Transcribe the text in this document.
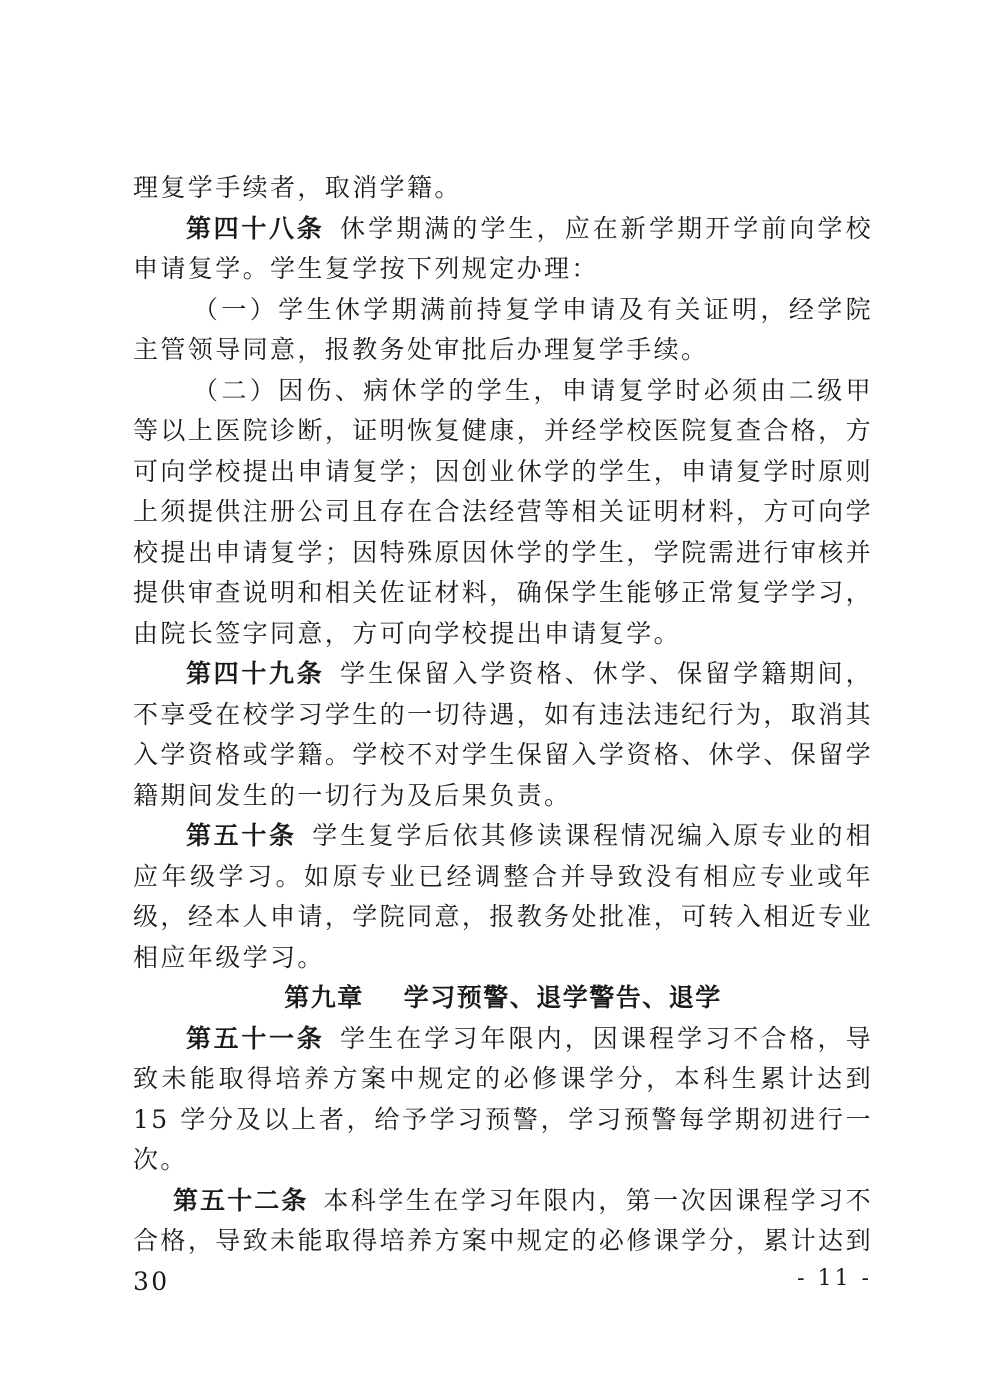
理复学手续者，取消学籍。

第四十八条  休学期满的学生，应在新学期开学前向学校申请复学。学生复学按下列规定办理：

（一）学生休学期满前持复学申请及有关证明，经学院主管领导同意，报教务处审批后办理复学手续。

（二）因伤、病休学的学生，申请复学时必须由二级甲等以上医院诊断，证明恢复健康，并经学校医院复查合格，方可向学校提出申请复学；因创业休学的学生，申请复学时原则上须提供注册公司且存在合法经营等相关证明材料，方可向学校提出申请复学；因特殊原因休学的学生，学院需进行审核并提供审查说明和相关佐证材料，确保学生能够正常复学学习，由院长签字同意，方可向学校提出申请复学。

第四十九条  学生保留入学资格、休学、保留学籍期间，不享受在校学习学生的一切待遇，如有违法违纪行为，取消其入学资格或学籍。学校不对学生保留入学资格、休学、保留学籍期间发生的一切行为及后果负责。

第五十条  学生复学后依其修读课程情况编入原专业的相应年级学习。如原专业已经调整合并导致没有相应专业或年级，经本人申请，学院同意，报教务处批准，可转入相近专业相应年级学习。

第九章 学习预警、退学警告、退学

第五十一条  学生在学习年限内，因课程学习不合格，导致未能取得培养方案中规定的必修课学分，本科生累计达到 15 学分及以上者，给予学习预警，学习预警每学期初进行一次。

第五十二条  本科学生在学习年限内，第一次因课程学习不合格，导致未能取得培养方案中规定的必修课学分，累计达到 30	- 11 -
